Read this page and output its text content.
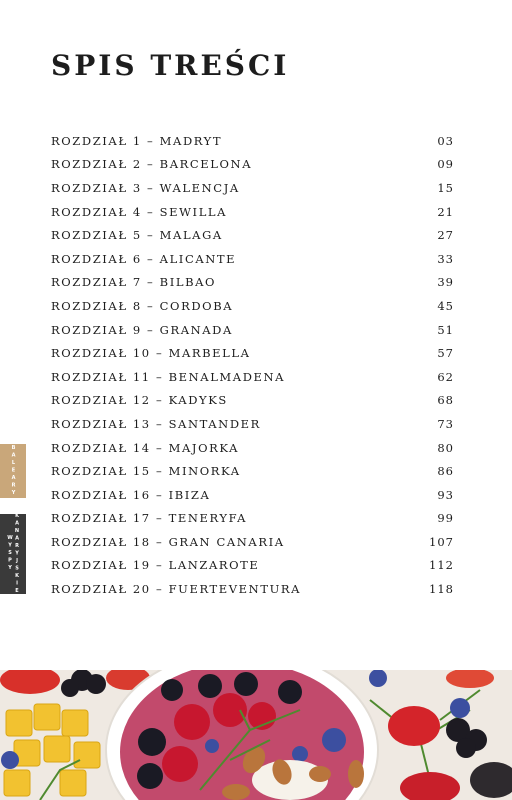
SPIS TREŚCI
ROZDZIAŁ 1 – MADRYT	03
ROZDZIAŁ 2 – BARCELONA	09
ROZDZIAŁ 3 – WALENCJA	15
ROZDZIAŁ 4 – SEWILLA	21
ROZDZIAŁ 5 – MALAGA	27
ROZDZIAŁ 6 – ALICANTE	33
ROZDZIAŁ 7 – BILBAO	39
ROZDZIAŁ 8 – CORDOBA	45
ROZDZIAŁ 9 – GRANADA	51
ROZDZIAŁ 10 – MARBELLA	57
ROZDZIAŁ 11 – BENALMADENA	62
ROZDZIAŁ 12 – KADYKS	68
ROZDZIAŁ 13 – SANTANDER	73
ROZDZIAŁ 14 – MAJORKA	80
ROZDZIAŁ 15 – MINORKA	86
ROZDZIAŁ 16 – IBIZA	93
ROZDZIAŁ 17 – TENERYFA	99
ROZDZIAŁ 18 – GRAN CANARIA	107
ROZDZIAŁ 19 – LANZAROTE	112
ROZDZIAŁ 20 – FUERTEVENTURA	118
BALEARY
WYSPY KANARYJSKIE
